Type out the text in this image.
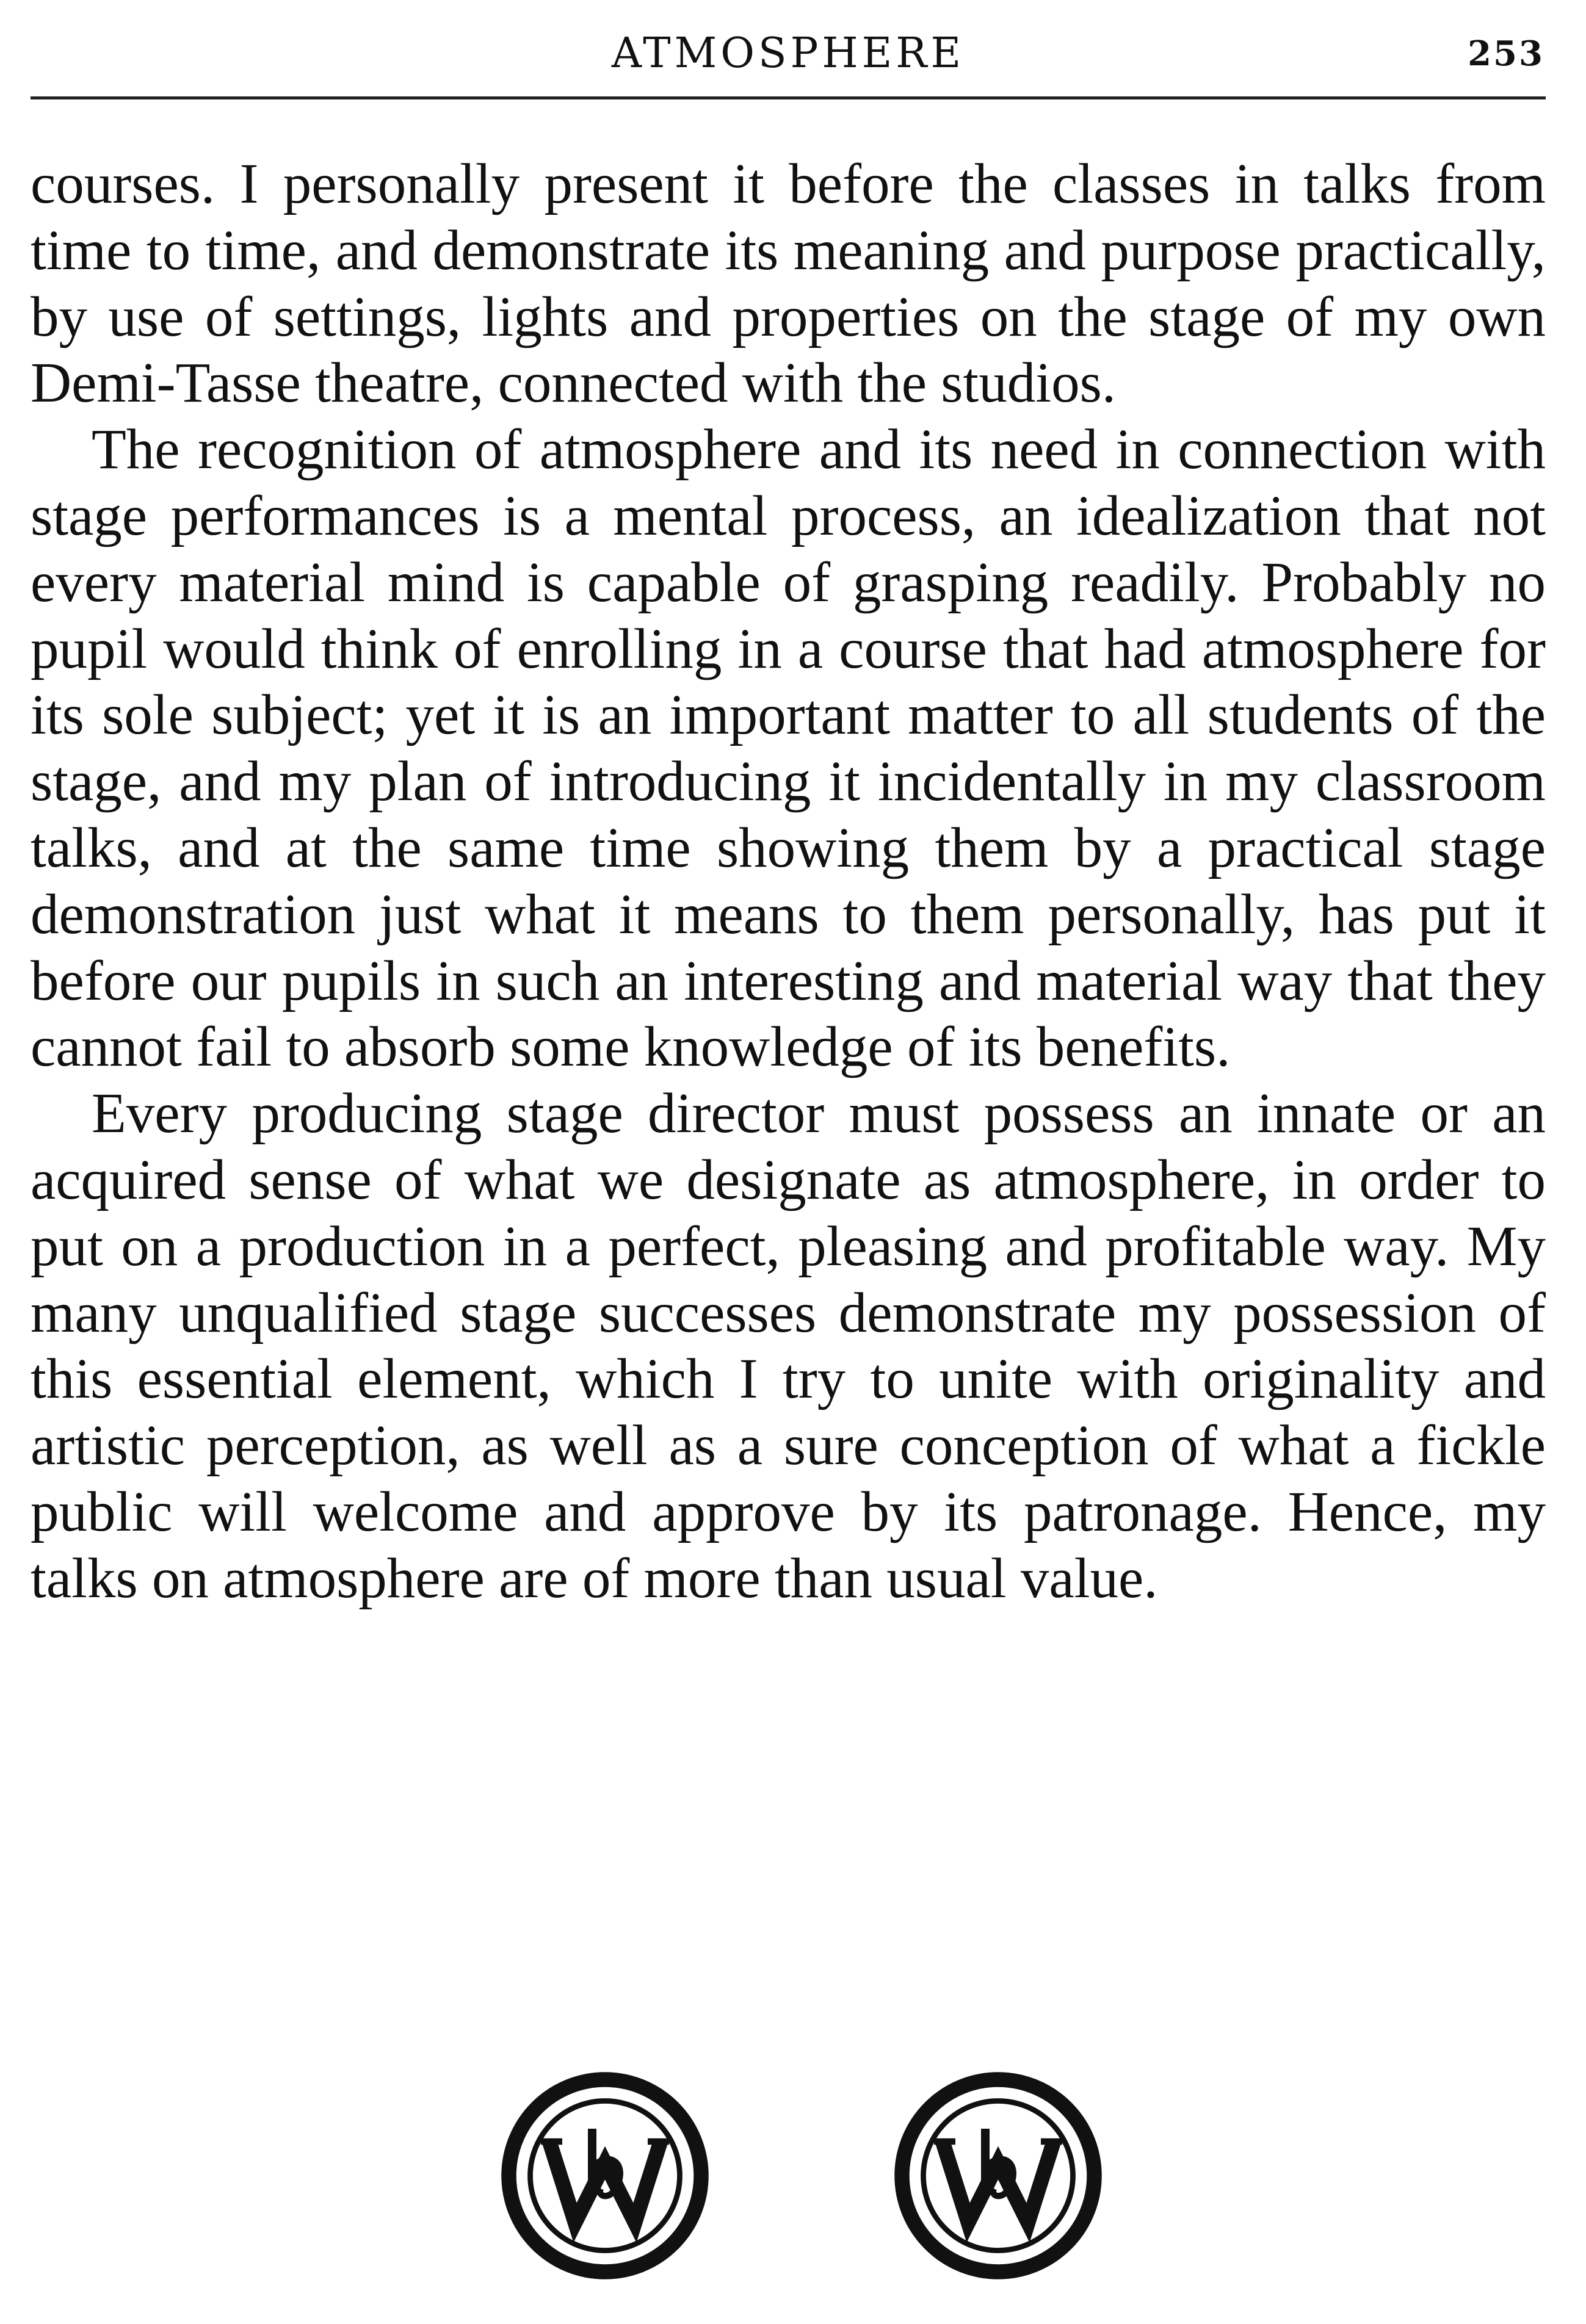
ATMOSPHERE	253

courses. I personally present it before the classes in talks from time to time, and demonstrate its meaning and purpose practically, by use of settings, lights and properties on the stage of my own Demi-Tasse theatre, connected with the studios.

The recognition of atmosphere and its need in connection with stage performances is a mental process, an idealization that not every material mind is capable of grasping readily. Probably no pupil would think of enrolling in a course that had atmosphere for its sole subject; yet it is an important matter to all students of the stage, and my plan of introducing it incidentally in my classroom talks, and at the same time showing them by a practical stage demonstration just what it means to them personally, has put it before our pupils in such an interesting and material way that they cannot fail to absorb some knowledge of its benefits.

Every producing stage director must possess an innate or an acquired sense of what we designate as atmosphere, in order to put on a production in a perfect, pleasing and profitable way. My many unqualified stage successes demonstrate my possession of this essential element, which I try to unite with originality and artistic perception, as well as a sure conception of what a fickle public will welcome and approve by its patronage. Hence, my talks on atmosphere are of more than usual value.
